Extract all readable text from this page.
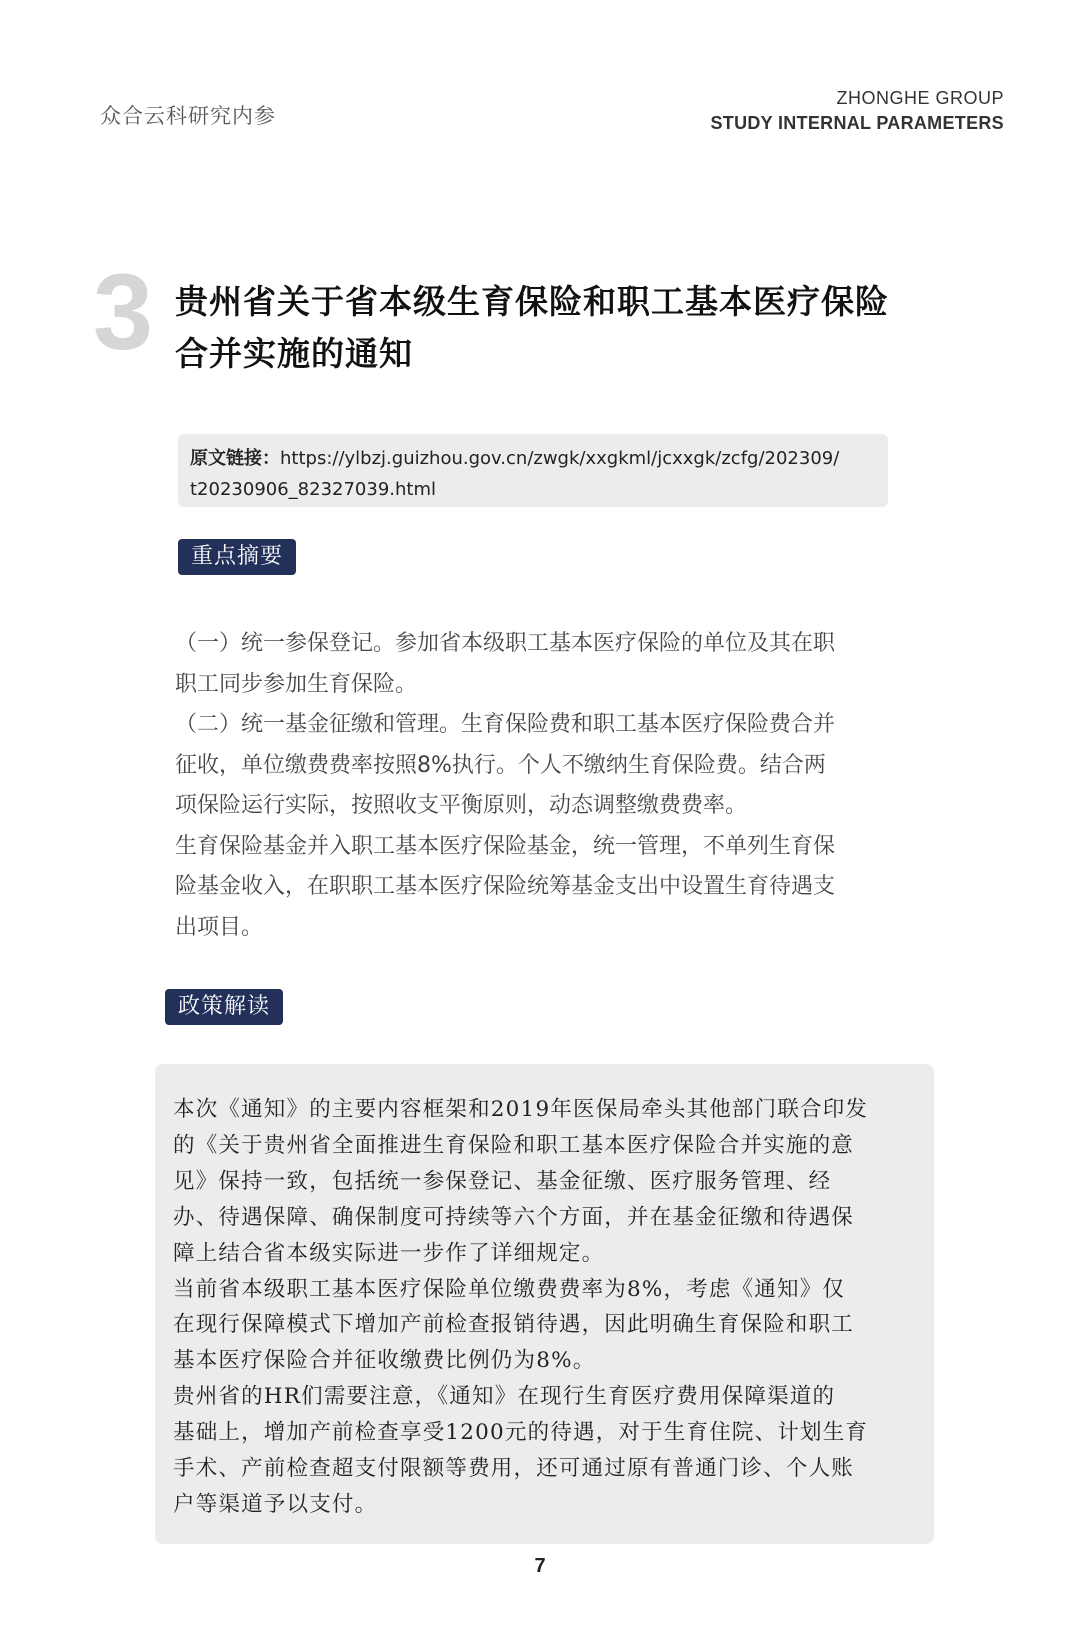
众合云科研究内参
ZHONGHE GROUP
STUDY INTERNAL PARAMETERS
3 贵州省关于省本级生育保险和职工基本医疗保险
合并实施的通知
原文链接：https://ylbzj.guizhou.gov.cn/zwgk/xxgkml/jcxxgk/zcfg/202309/
t20230906_82327039.html
重点摘要
（一）统一参保登记。参加省本级职工基本医疗保险的单位及其在职
职工同步参加生育保险。
（二）统一基金征缴和管理。生育保险费和职工基本医疗保险费合并
征收，单位缴费费率按照8%执行。个人不缴纳生育保险费。结合两
项保险运行实际，按照收支平衡原则，动态调整缴费费率。
生育保险基金并入职工基本医疗保险基金，统一管理，不单列生育保
险基金收入，在职职工基本医疗保险统筹基金支出中设置生育待遇支
出项目。
政策解读
本次《通知》的主要内容框架和2019年医保局牵头其他部门联合印发
的《关于贵州省全面推进生育保险和职工基本医疗保险合并实施的意
见》保持一致，包括统一参保登记、基金征缴、医疗服务管理、经
办、待遇保障、确保制度可持续等六个方面，并在基金征缴和待遇保
障上结合省本级实际进一步作了详细规定。
当前省本级职工基本医疗保险单位缴费费率为8%，考虑《通知》仅
在现行保障模式下增加产前检查报销待遇，因此明确生育保险和职工
基本医疗保险合并征收缴费比例仍为8%。
贵州省的HR们需要注意，《通知》在现行生育医疗费用保障渠道的
基础上，增加产前检查享受1200元的待遇，对于生育住院、计划生育
手术、产前检查超支付限额等费用，还可通过原有普通门诊、个人账
户等渠道予以支付。
7
